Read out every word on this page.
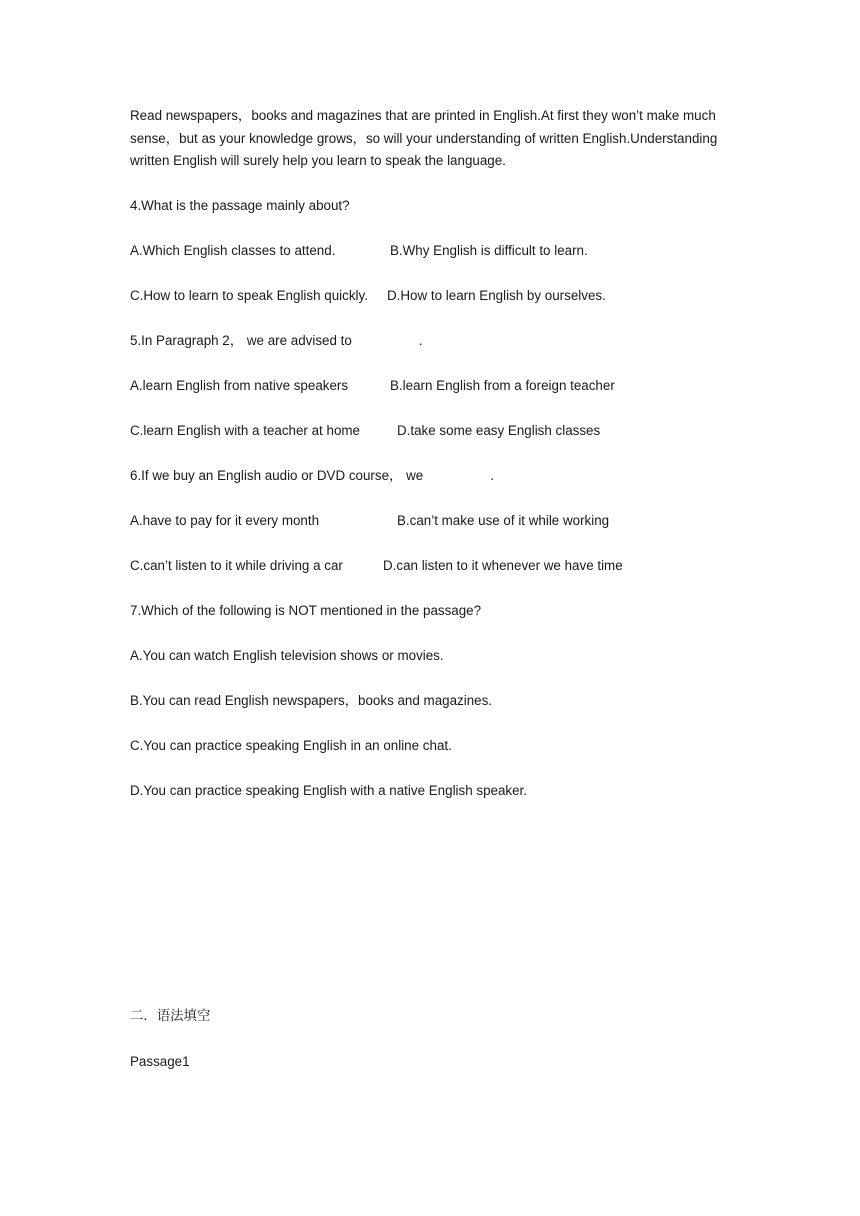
Read newspapers，books and magazines that are printed in English.At first they won’t make much sense，but as your knowledge grows，so will your understanding of written English.Understanding written English will surely help you learn to speak the language.

4.What is the passage mainly about?
A.Which English classes to attend.	B.Why English is difficult to learn.
C.How to learn to speak English quickly. D.How to learn English by ourselves.
5.In Paragraph 2， we are advised to                  .
A.learn English from native speakers	B.learn English from a foreign teacher
C.learn English with a teacher at home	D.take some easy English classes
6.If we buy an English audio or DVD course， we                  .
A.have to pay for it every month	B.can’t make use of it while working
C.can’t listen to it while driving a car	D.can listen to it whenever we have time
7.Which of the following is NOT mentioned in the passage?
A.You can watch English television shows or movies.
B.You can read English newspapers，books and magazines.
C.You can practice speaking English in an online chat.
D.You can practice speaking English with a native English speaker.
二．语法填空
Passage1
